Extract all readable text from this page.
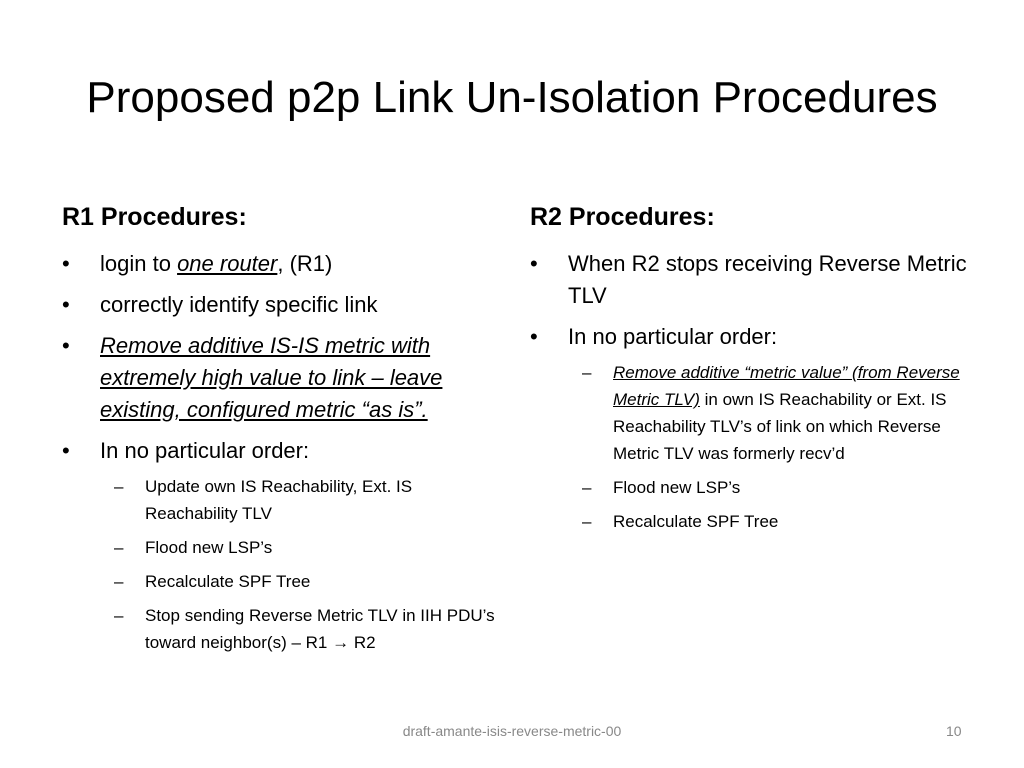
Proposed p2p Link Un-Isolation Procedures
R1 Procedures:
• login to one router, (R1)
• correctly identify specific link
• Remove additive IS-IS metric with extremely high value to link – leave existing, configured metric “as is”.
• In no particular order:
– Update own IS Reachability, Ext. IS Reachability TLV
– Flood new LSP’s
– Recalculate SPF Tree
– Stop sending Reverse Metric TLV in IIH PDU’s toward neighbor(s) – R1 → R2
R2 Procedures:
• When R2 stops receiving Reverse Metric TLV
• In no particular order:
– Remove additive “metric value” (from Reverse Metric TLV) in own IS Reachability or Ext. IS Reachability TLV’s of link on which Reverse Metric TLV was formerly recv’d
– Flood new LSP’s
– Recalculate SPF Tree
draft-amante-isis-reverse-metric-00	10
